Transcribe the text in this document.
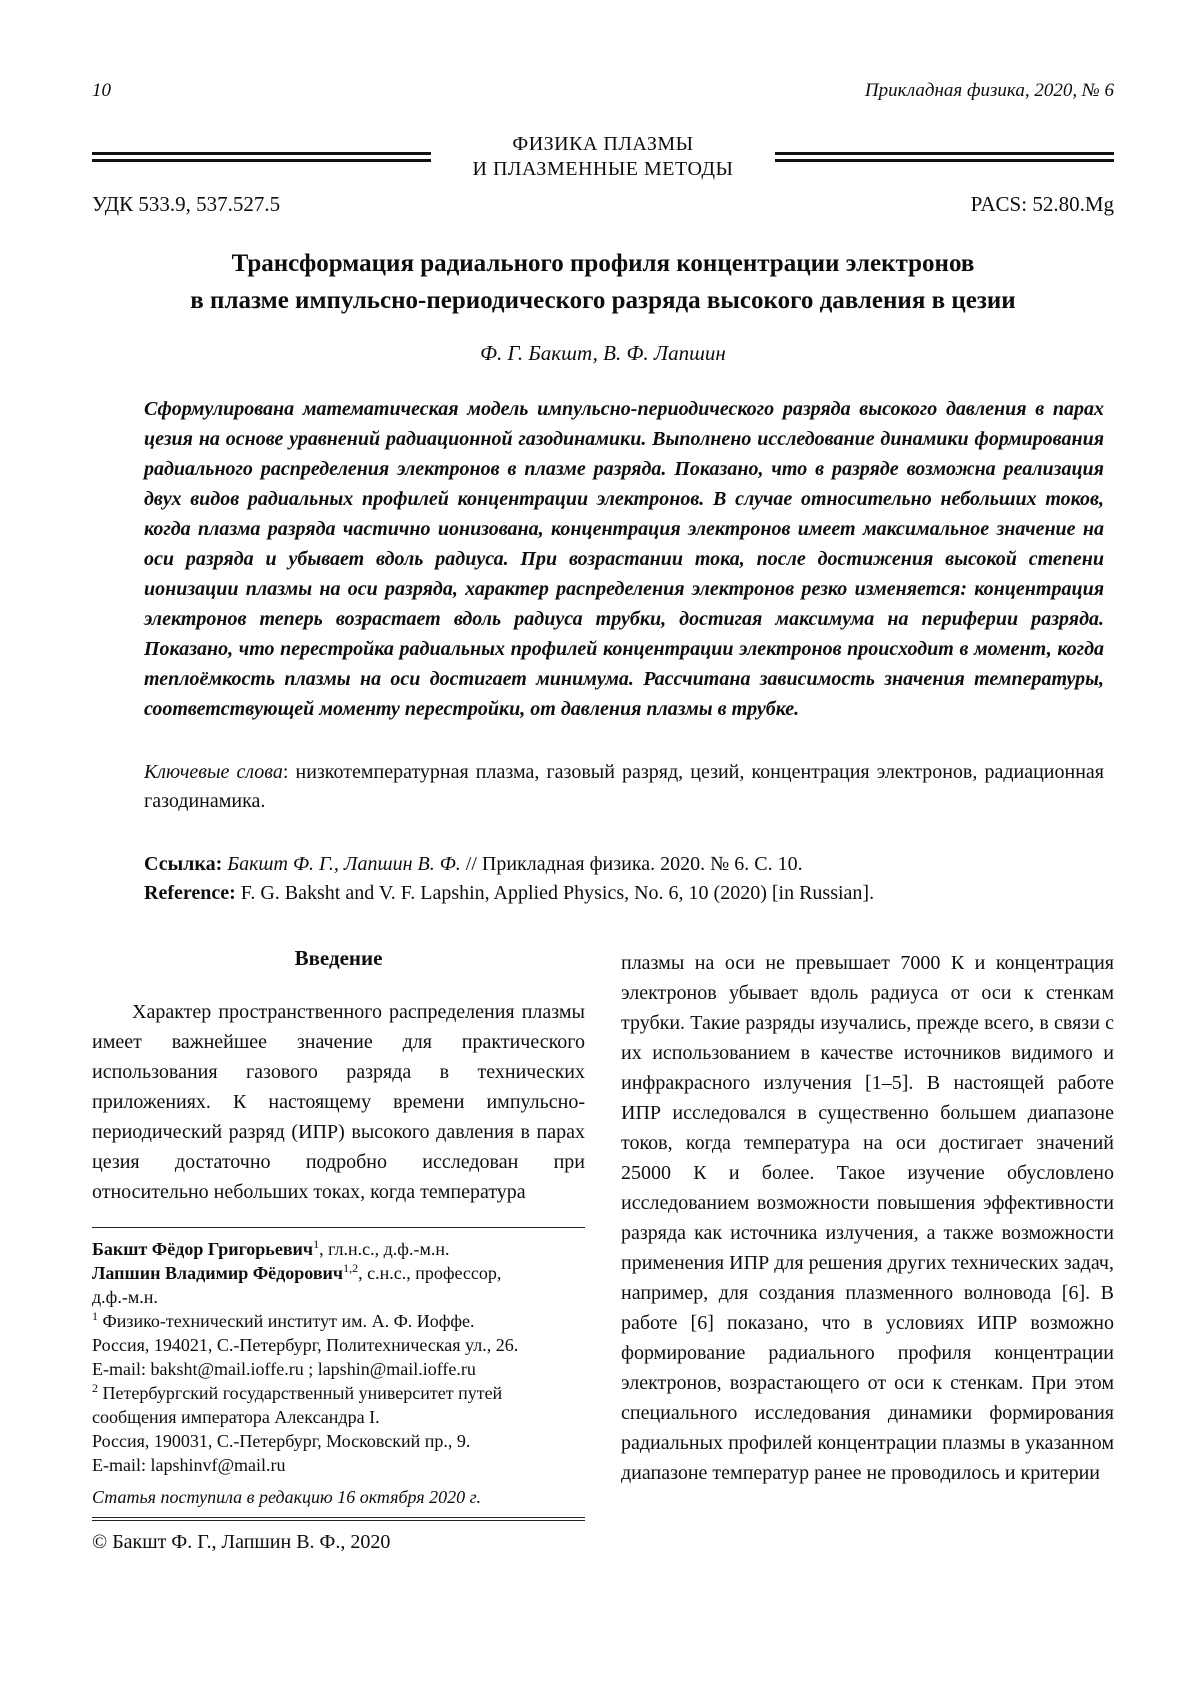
10	Прикладная физика, 2020, № 6
ФИЗИКА ПЛАЗМЫ
И ПЛАЗМЕННЫЕ МЕТОДЫ
УДК 533.9, 537.527.5	PACS: 52.80.Mg
Трансформация радиального профиля концентрации электронов
в плазме импульсно-периодического разряда высокого давления в цезии
Ф. Г. Бакшт, В. Ф. Лапшин
Сформулирована математическая модель импульсно-периодического разряда высокого давления в парах цезия на основе уравнений радиационной газодинамики. Выполнено исследование динамики формирования радиального распределения электронов в плазме разряда. Показано, что в разряде возможна реализация двух видов радиальных профилей концентрации электронов. В случае относительно небольших токов, когда плазма разряда частично ионизована, концентрация электронов имеет максимальное значение на оси разряда и убывает вдоль радиуса. При возрастании тока, после достижения высокой степени ионизации плазмы на оси разряда, характер распределения электронов резко изменяется: концентрация электронов теперь возрастает вдоль радиуса трубки, достигая максимума на периферии разряда. Показано, что перестройка радиальных профилей концентрации электронов происходит в момент, когда теплоёмкость плазмы на оси достигает минимума. Рассчитана зависимость значения температуры, соответствующей моменту перестройки, от давления плазмы в трубке.
Ключевые слова: низкотемпературная плазма, газовый разряд, цезий, концентрация электронов, радиационная газодинамика.
Ссылка: Бакшт Ф. Г., Лапшин В. Ф. // Прикладная физика. 2020. № 6. С. 10.
Reference: F. G. Baksht and V. F. Lapshin, Applied Physics, No. 6, 10 (2020) [in Russian].
Введение
Характер пространственного распределения плазмы имеет важнейшее значение для практического использования газового разряда в технических приложениях. К настоящему времени импульсно-периодический разряд (ИПР) высокого давления в парах цезия достаточно подробно исследован при относительно небольших токах, когда температура
Бакшт Фёдор Григорьевич$^1$, гл.н.с., д.ф.-м.н.
Лапшин Владимир Фёдорович$^{1,2}$, с.н.с., профессор,
д.ф.-м.н.
$^1$ Физико-технический институт им. А. Ф. Иоффе.
Россия, 194021, С.-Петербург, Политехническая ул., 26.
E-mail: baksht@mail.ioffe.ru ; lapshin@mail.ioffe.ru
$^2$ Петербургский государственный университет путей сообщения императора Александра I.
Россия, 190031, С.-Петербург, Московский пр., 9.
E-mail: lapshinvf@mail.ru
Статья поступила в редакцию 16 октября 2020 г.
© Бакшт Ф. Г., Лапшин В. Ф., 2020
плазмы на оси не превышает 7000 К и концентрация электронов убывает вдоль радиуса от оси к стенкам трубки. Такие разряды изучались, прежде всего, в связи с их использованием в качестве источников видимого и инфракрасного излучения [1–5]. В настоящей работе ИПР исследовался в существенно большем диапазоне токов, когда температура на оси достигает значений 25000 К и более. Такое изучение обусловлено исследованием возможности повышения эффективности разряда как источника излучения, а также возможности применения ИПР для решения других технических задач, например, для создания плазменного волновода [6]. В работе [6] показано, что в условиях ИПР возможно формирование радиального профиля концентрации электронов, возрастающего от оси к стенкам. При этом специального исследования динамики формирования радиальных профилей концентрации плазмы в указанном диапазоне температур ранее не проводилось и критерии
